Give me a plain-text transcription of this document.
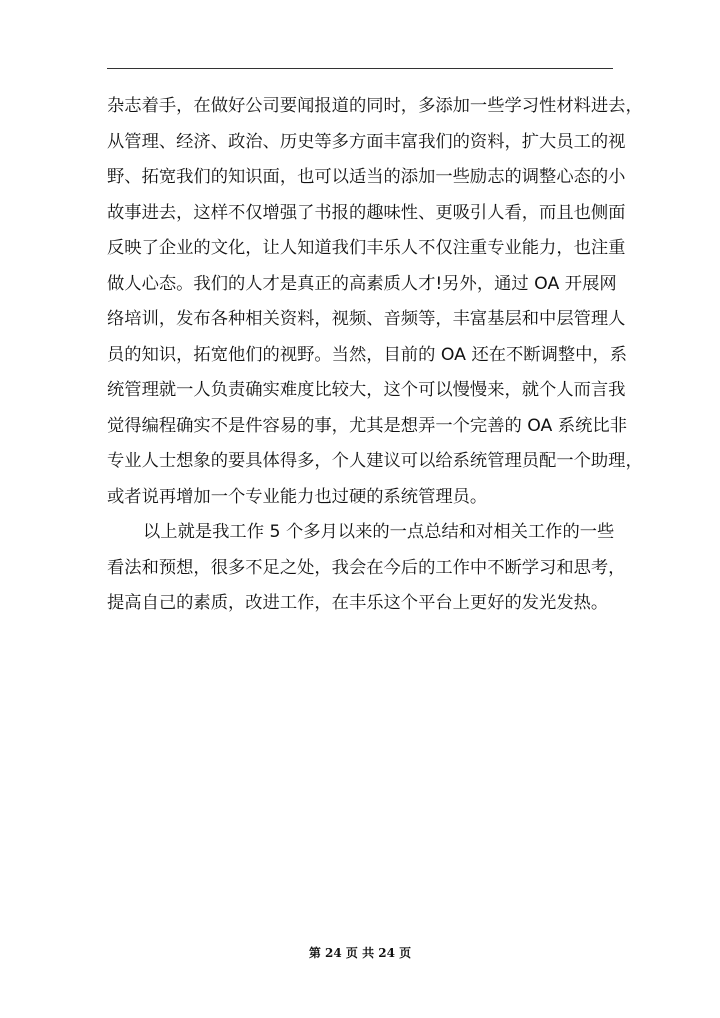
杂志着手，在做好公司要闻报道的同时，多添加一些学习性材料进去，
从管理、经济、政治、历史等多方面丰富我们的资料，扩大员工的视
野、拓宽我们的知识面，也可以适当的添加一些励志的调整心态的小
故事进去，这样不仅增强了书报的趣味性、更吸引人看，而且也侧面
反映了企业的文化，让人知道我们丰乐人不仅注重专业能力，也注重
做人心态。我们的人才是真正的高素质人才!另外，通过 OA 开展网
络培训，发布各种相关资料，视频、音频等，丰富基层和中层管理人
员的知识，拓宽他们的视野。当然，目前的 OA 还在不断调整中，系
统管理就一人负责确实难度比较大，这个可以慢慢来，就个人而言我
觉得编程确实不是件容易的事，尤其是想弄一个完善的 OA 系统比非
专业人士想象的要具体得多，个人建议可以给系统管理员配一个助理，
或者说再增加一个专业能力也过硬的系统管理员。
以上就是我工作 5 个多月以来的一点总结和对相关工作的一些
看法和预想，很多不足之处，我会在今后的工作中不断学习和思考，
提高自己的素质，改进工作，在丰乐这个平台上更好的发光发热。
第 24 页 共 24 页
